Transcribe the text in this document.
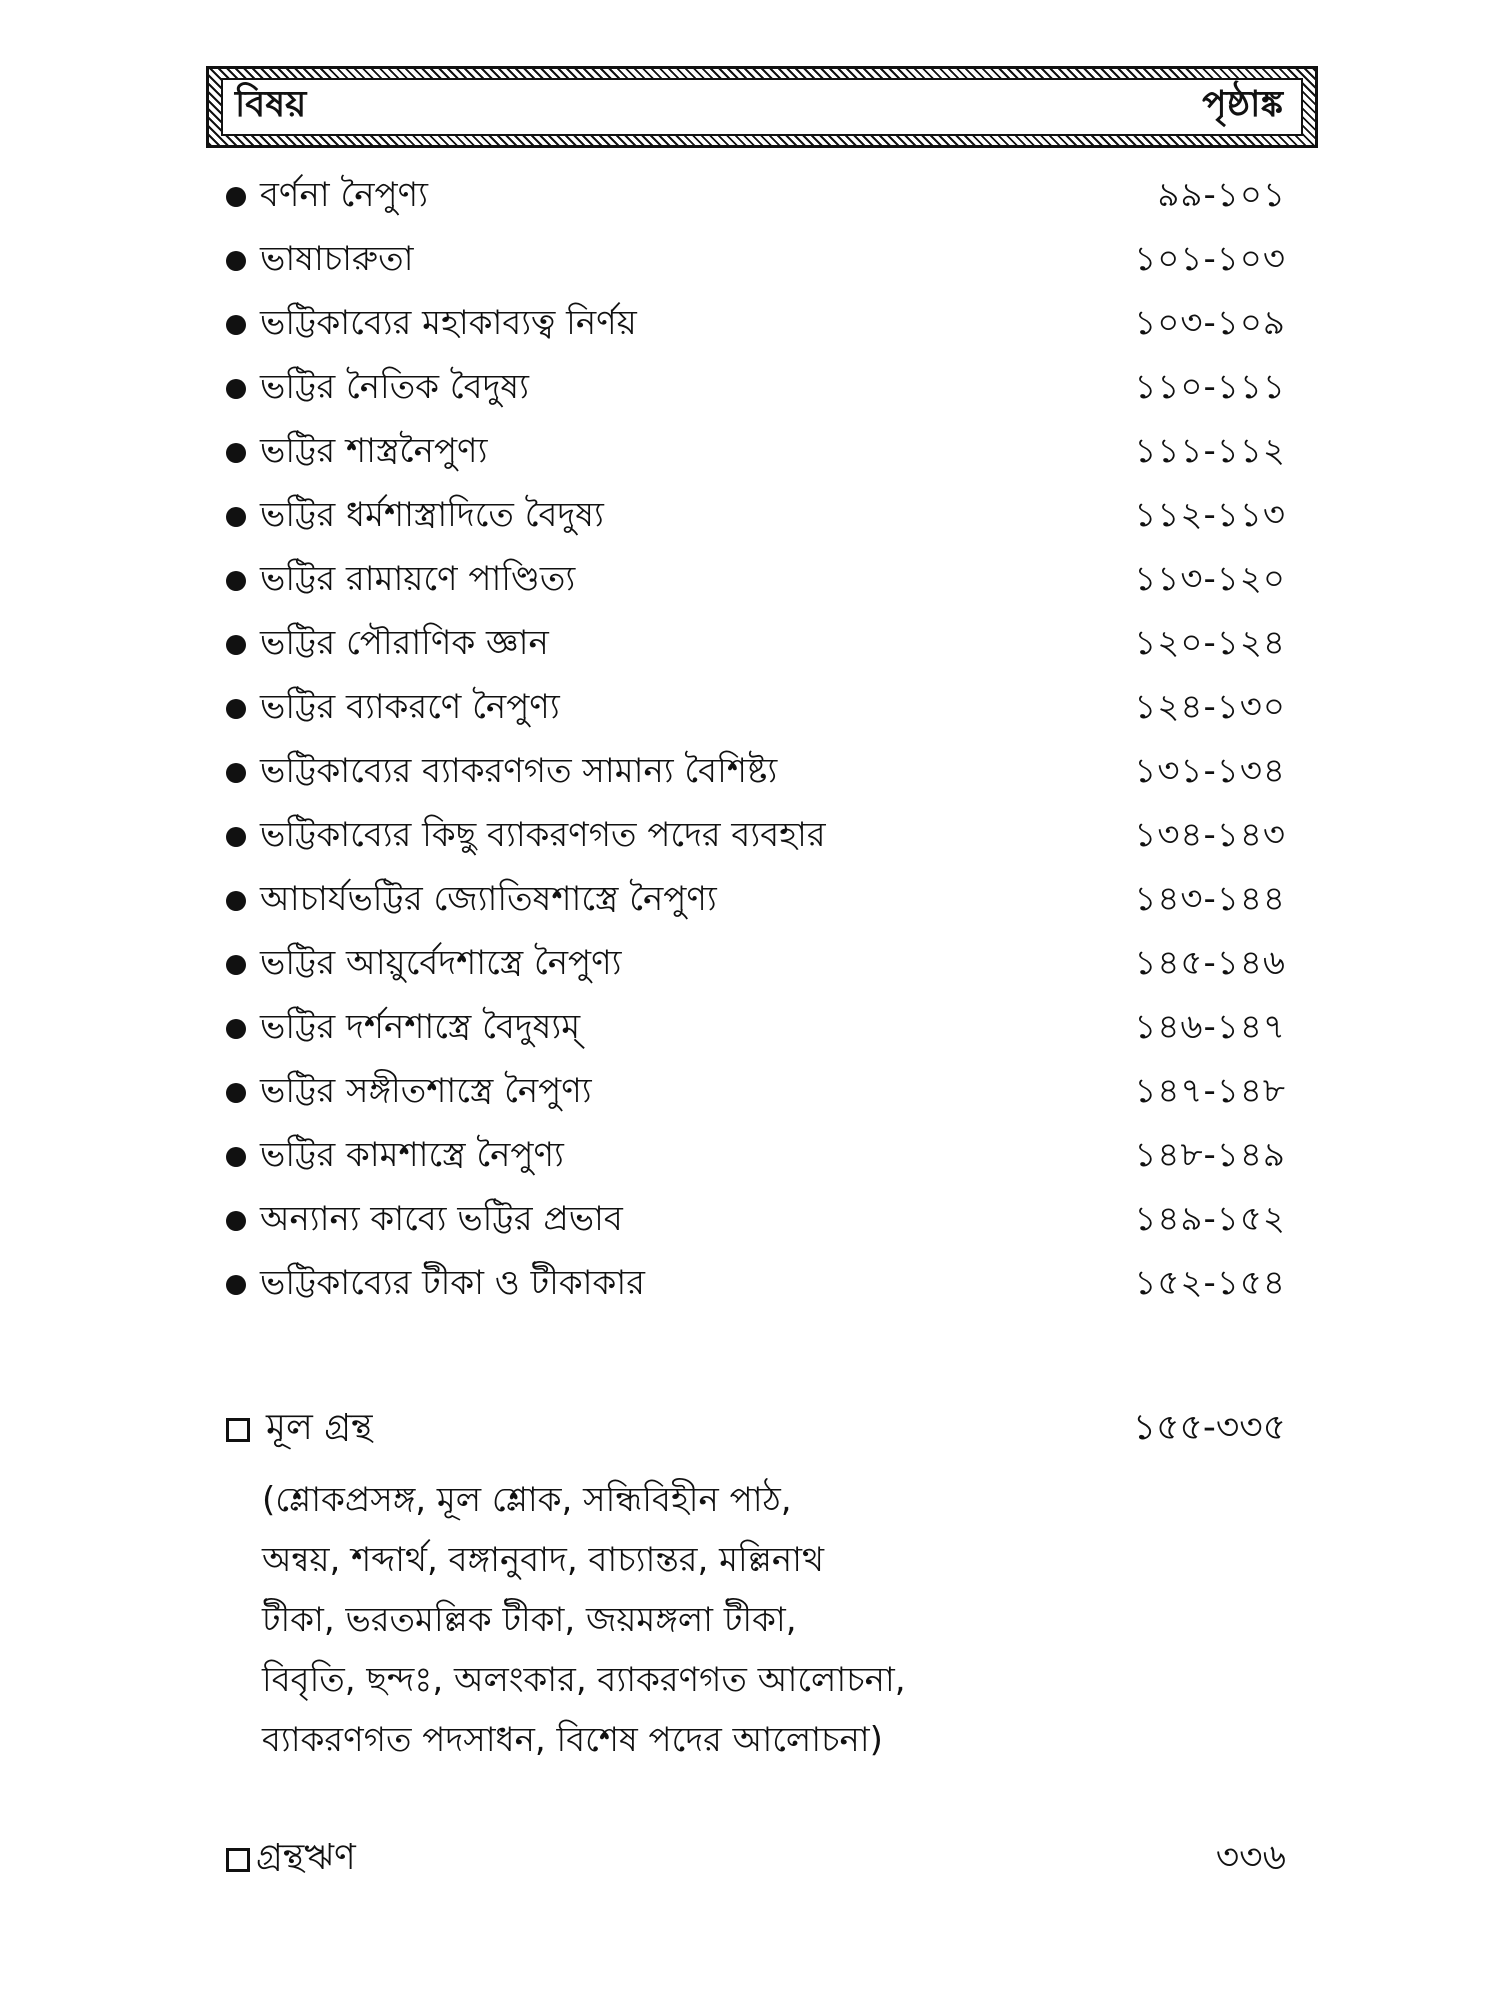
বিষয়	পৃষ্ঠাঙ্ক
বর্ণনা নৈপুণ্য	৯৯-১০১
ভাষাচারুতা	১০১-১০৩
ভট্টিকাব্যের মহাকাব্যত্ব নির্ণয়	১০৩-১০৯
ভট্টির নৈতিক বৈদুষ্য	১১০-১১১
ভট্টির শাস্ত্রনৈপুণ্য	১১১-১১২
ভট্টির ধর্মশাস্ত্রাদিতে বৈদুষ্য	১১২-১১৩
ভট্টির রামায়ণে পাণ্ডিত্য	১১৩-১২০
ভট্টির পৌরাণিক জ্ঞান	১২০-১২৪
ভট্টির ব্যাকরণে নৈপুণ্য	১২৪-১৩০
ভট্টিকাব্যের ব্যাকরণগত সামান্য বৈশিষ্ট্য	১৩১-১৩৪
ভট্টিকাব্যের কিছু ব্যাকরণগত পদের ব্যবহার	১৩৪-১৪৩
আচার্যভট্টির জ্যোতিষশাস্ত্রে নৈপুণ্য	১৪৩-১৪৪
ভট্টির আয়ুর্বেদশাস্ত্রে নৈপুণ্য	১৪৫-১৪৬
ভট্টির দর্শনশাস্ত্রে বৈদুষ্যম্	১৪৬-১৪৭
ভট্টির সঙ্গীতশাস্ত্রে নৈপুণ্য	১৪৭-১৪৮
ভট্টির কামশাস্ত্রে নৈপুণ্য	১৪৮-১৪৯
অন্যান্য কাব্যে ভট্টির প্রভাব	১৪৯-১৫২
ভট্টিকাব্যের টীকা ও টীকাকার	১৫২-১৫৪
মূল গ্রন্থ	১৫৫-৩৩৫
(শ্লোকপ্রসঙ্গ, মূল শ্লোক, সন্ধিবিহীন পাঠ,
অন্বয়, শব্দার্থ, বঙ্গানুবাদ, বাচ্যান্তর, মল্লিনাথ
টীকা, ভরতমল্লিক টীকা, জয়মঙ্গলা টীকা,
বিবৃতি, ছন্দঃ, অলংকার, ব্যাকরণগত আলোচনা,
ব্যাকরণগত পদসাধন, বিশেষ পদের আলোচনা)
গ্রন্থঋণ	৩৩৬
